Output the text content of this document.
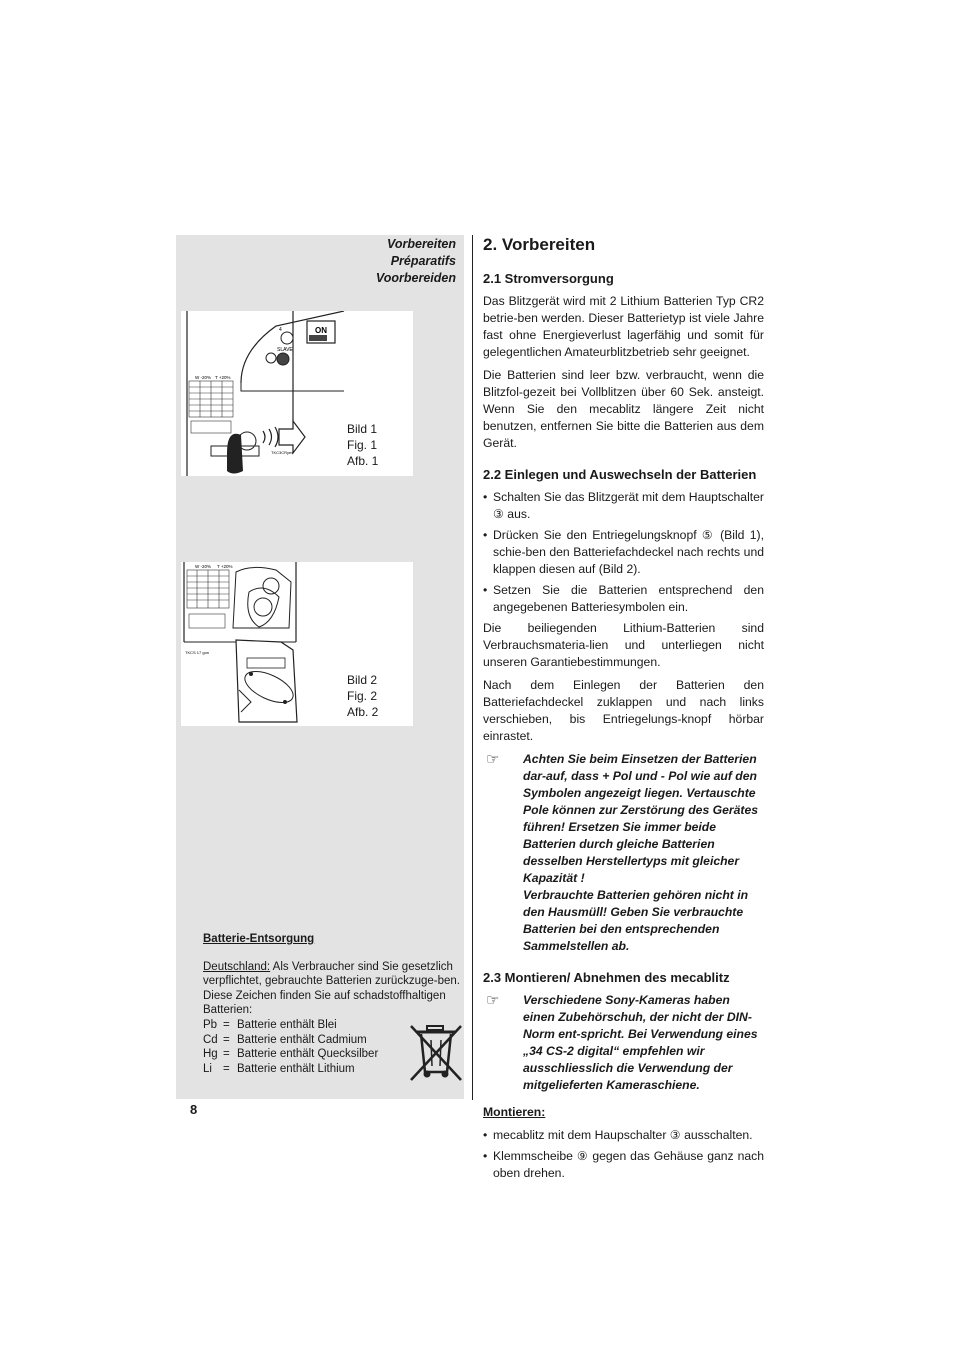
Vorbereiten
Préparatifs
Voorbereiden
ON
4
SLAVE
W -20% T +20%
TKC3CRyes
Bild 1
Fig. 1
Afb. 1
W -20% T +20%
TKCS 17 gon
Bild 2
Fig. 2
Afb. 2
Batterie-Entsorgung
Deutschland: Als Verbraucher sind Sie gesetzlich verpflichtet, gebrauchte Batterien zurückzuge-ben.
Diese Zeichen finden Sie auf schadstoffhaltigen Batterien:
Pb = Batterie enthält Blei
Cd = Batterie enthält Cadmium
Hg = Batterie enthält Quecksilber
Li = Batterie enthält Lithium
8
2. Vorbereiten
2.1 Stromversorgung

Das Blitzgerät wird mit 2 Lithium Batterien Typ CR2 betrie-ben werden. Dieser Batterietyp ist viele Jahre fast ohne Energieverlust lagerfähig und somit für gelegentlichen Amateurblitzbetrieb sehr geeignet.

Die Batterien sind leer bzw. verbraucht, wenn die Blitzfol-gezeit bei Vollblitzen über 60 Sek. ansteigt. Wenn Sie den mecablitz längere Zeit nicht benutzen, entfernen Sie bitte die Batterien aus dem Gerät.

2.2 Einlegen und Auswechseln der Batterien
• Schalten Sie das Blitzgerät mit dem Hauptschalter ③ aus.
• Drücken Sie den Entriegelungsknopf ⑤ (Bild 1), schie-ben den Batteriefachdeckel nach rechts und klappen diesen auf (Bild 2).
• Setzen Sie die Batterien entsprechend den angegebenen Batteriesymbolen ein.

Die beiliegenden Lithium-Batterien sind Verbrauchsmateria-lien und unterliegen nicht unseren Garantiebestimmungen.

Nach dem Einlegen der Batterien den Batteriefachdeckel zuklappen und nach links verschieben, bis Entriegelungs-knopf hörbar einrastet.

☞	Achten Sie beim Einsetzen der Batterien dar-auf, dass + Pol und - Pol wie auf den Symbolen angezeigt liegen. Vertauschte Pole können zur Zerstörung des Gerätes führen! Ersetzen Sie immer beide Batterien durch gleiche Batterien desselben Herstellertyps mit gleicher Kapazität !
Verbrauchte Batterien gehören nicht in den Hausmüll! Geben Sie verbrauchte Batterien bei den entsprechenden Sammelstellen ab.
2.3 Montieren/ Abnehmen des mecablitz
☞	Verschiedene Sony-Kameras haben einen Zubehörschuh, der nicht der DIN-Norm ent-spricht. Bei Verwendung eines „34 CS-2 digital“ empfehlen wir ausschliesslich die Verwendung der mitgelieferten Kameraschiene.
Montieren:
• mecablitz mit dem Haupschalter ③ ausschalten.
• Klemmscheibe ⑨ gegen das Gehäuse ganz nach oben drehen.
